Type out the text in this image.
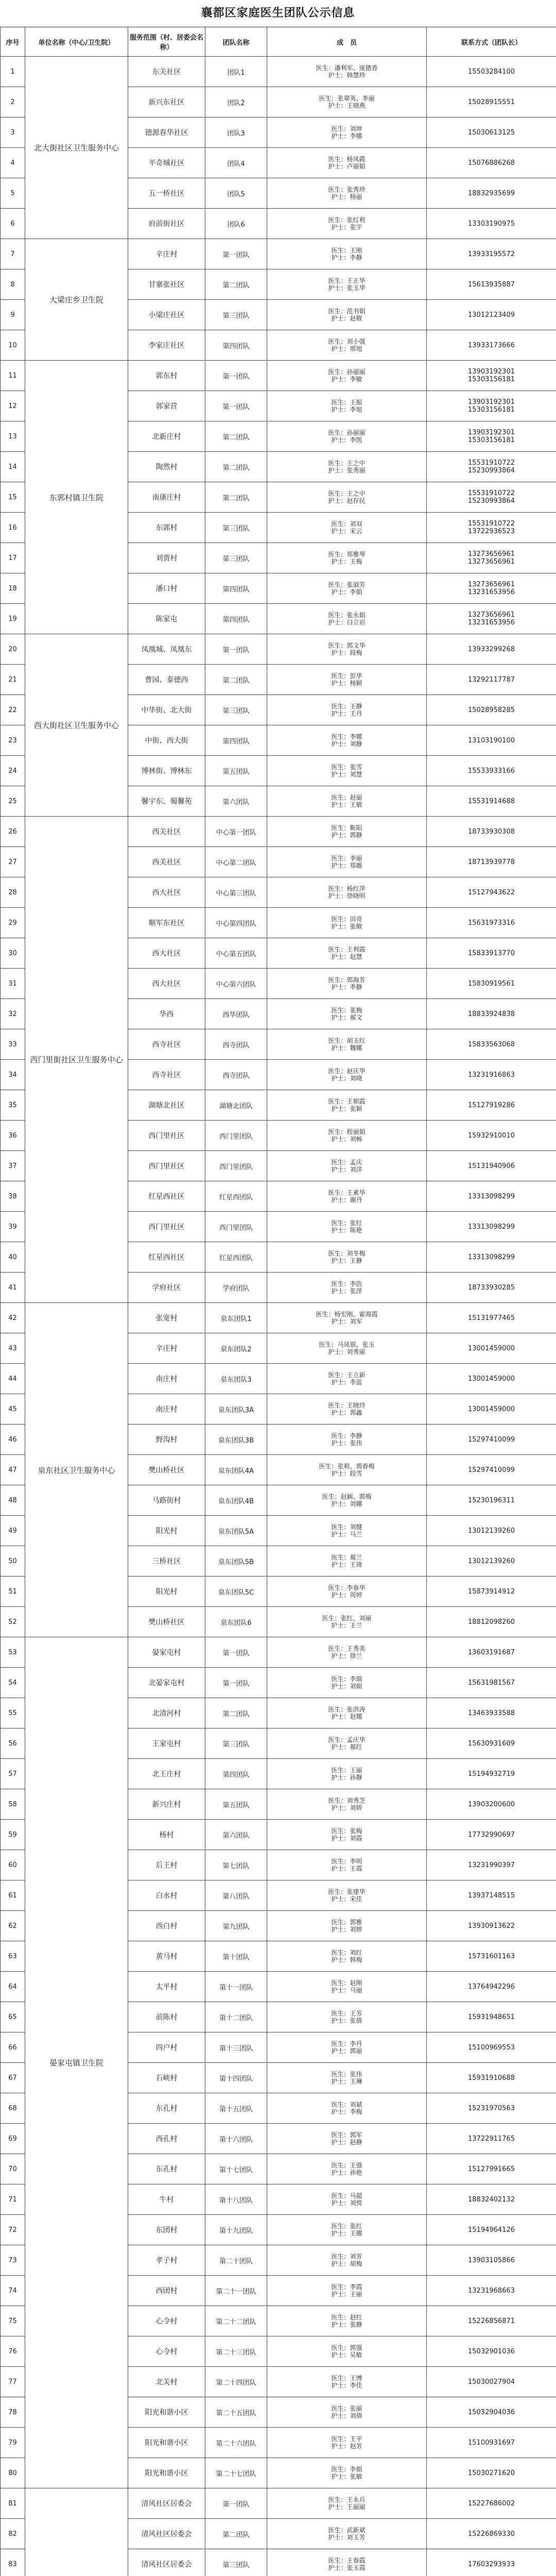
襄都区家庭医生团队公示信息
序号	单位名称（中心/卫生院）	服务范围（村、居委会名称）	团队名称	成　员	联系方式（团队长）
1	北大街社区卫生服务中心	东关社区	团队1	医生：潘利军、庞德香
护士：韩慧珍	15503284100
2		新兴东社区	团队2	医生：张翠英、李丽
护士：王晓燕	15028915551
3		德源春华社区	团队3	医生：刘坤
护士：李娜	15030613125
4		平奇城社区	团队4	医生：杨凤霞
护士：卢丽娟	15076886268
5		五一桥社区	团队5	医生：张秀珍
护士：杨丽	18832935699
6		府前街社区	团队6	医生：张红利
护士：张宇	13303190975
7	大梁庄乡卫生院	辛庄村	第一团队	医生：王刚
护士：李静	13933195572
8		甘寨张社区	第二团队	医生：王正华
护士：张玉华	15613935887
9		小梁庄社区	第三团队	医生：范书娟
护士：赵敬	13012123409
10		李家庄社区	第四团队	医生：刘小强
护士：邢旭	13933173666
11	东郭村镇卫生院	郭东村	第一团队	医生：孙丽丽
护士：李敏	13903192301
15303156181
12		郭家营	第一团队	医生：王振
护士：李旭	13903192301
15303156181
13		北新庄村	第二团队	医生：孙丽丽
护士：李凯	13903192301
15303156181
14		陶然村	第二团队	医生：王之中
护士：张秀丽	15531910722
15230993864
15		南康庄村	第二团队	医生：王之中
护士：赵存民	15531910722
15230993864
16		东郭村	第三团队	医生：刘双
护士：宋云	15531910722
13722936523
17		刘贾村	第三团队	医生：郑雅琴
护士：王梅	13273656961
13273656961
18		潘口村	第四团队	医生：张淑芳
护士：李娟	13273656961
13231653956
19		陈家屯	第四团队	医生：张永娟
护士：白立岩	13273656961
13231653956
20	西大街社区卫生服务中心	凤凰城、凤凰东	第一团队	医生：郭文华
护士：段梅	13933299268
21		曹园、泰德西	第二团队	医生：彭华
护士：杨颖	13292117787
22		中华街、北大街	第三团队	医生：王静
护士：王丹	15028958285
23		中街、西大街	第四团队	医生：李娜
护士：刘静	13103190100
24		博林街、博林东	第五团队	医生：张雪
护士：刘慧	15533933166
25		馨宇东、蜀馨苑	第六团队	医生：赵丽
护士：王敏	15531914688
26	西门里街社区卫生服务中心	西关社区	中心第一团队	医生：靳阳
护士：郭静	18733930308
27		西关社区	中心第二团队	医生：李丽
护士：郑薇	18713939778
28		西大社区	中心第三团队	医生：杨红萍
护士：徐晓明	15127943622
29		顺军东社区	中心第四团队	医生：田亮
护士：张敏	15631973316
30		西大社区	中心第五团队	医生：王利霞
护士：赵慧	15833913770
31		西大社区	中心第六团队	医生：郭海芳
护士：李静	15830919561
32		华西	西华团队	医生：张梅
护士：郝文	18833924838
33		西寺社区	西寺团队	医生：胡玉红
护士：魏娜	15833563068
34		西寺社区	西寺团队	医生：赵庆华
护士：刘晓	13231916863
35		湖塘北社区	湖塘北团队	医生：王朝霞
护士：张颖	15127919286
36		西门里社区	西门里团队	医生：程丽娟
护士：刘畅	15932910010
37		西门里社区	西门里团队	医生：孟庆
护士：刘洋	15131940906
38		红星西社区	红星西团队	医生：王素华
护士：谢丹	13313098299
39		西门里社区	西门里团队	医生：张红
护士：陈艳	13313098299
40		红星西社区	红星西团队	医生：刘冬梅
护士：王静	13313098299
41		学府社区	学府团队	医生：李浩
护士：张萍	18733930285
42	泉东社区卫生服务中心	张宽村	泉东团队1	医生：杨宏刚、霍海霞
护士：刘军	15131977465
43		辛庄村	泉东团队2	医生：马凤银、张玉
护士：刘秀丽	13001459000
44		南庄村	泉东团队3	医生：王立新
护士：李蕊	13001459000
45		南庄村	泉东团队3A	医生：王晓玲
护士：郭鑫	13001459000
46		野沟村	泉东团队3B	医生：李静
护士：张伟	15297410099
47		樊山桥社区	泉东团队4A	医生：张莉、郭春梅
护士：段雪	15297410099
48		马路街村	泉东团队4B	医生：赵颖、郭梅
护士：刘娜	15230196311
49		阳光村	泉东团队5A	医生：刘健
护士：马兰	13012139260
50		三桥社区	泉东团队5B	医生：郝兰
护士：王琦	13012139260
51		阳光村	泉东团队5C	医生：李春华
护士：周婷	15873914912
52		樊山桥社区	泉东团队6	医生：张红、刘丽
护士：王兰	18812098260
53	晏家屯镇卫生院	晏家屯村	第一团队	医生：王秀美
护士：徐兰	13603191687
54		北晏家屯村	第一团队	医生：李瑞
护士：刘娟	15631981567
55		北清河村	第二团队	医生：张洪涛
护士：赵娜	13463933588
56		王家屯村	第三团队	医生：孟庆华
护士：郝红	15630931609
57		北王庄村	第四团队	医生：王丽
护士：孙静	15194932719
58		新兴庄村	第五团队	医生：刘秀芝
护士：刘娇	13903200600
59		杨村	第六团队	医生：张梅
护士：刘霞	17732990697
60		后王村	第七团队	医生：李明
护士：王霞	13231990397
61		白水村	第八团队	医生：张建华
护士：宋佳	13937148515
62		西白村	第九团队	医生：郭雅
护士：刘婷	13930913622
63		黄马村	第十团队	医生：刘红
护士：韩梅	15731601163
64		太平村	第十一团队	医生：赵刚
护士：马丽	13764942296
65		前陈村	第十二团队	医生：王芳
护士：张倩	15931948651
66		四户村	第十三团队	医生：李丹
护士：郭丽	15100969553
67		石峡村	第十四团队	医生：张伟
护士：王琳	15931910688
68		东孔村	第十五团队	医生：刘斌
护士：李梅	15231970563
69		西孔村	第十六团队	医生：郭军
护士：赵静	13722911765
70		东孔村	第十七团队	医生：王强
护士：孙艳	15127991665
71		牛村	第十八团队	医生：马超
护士：刘悦	18832402132
72		东团村	第十九团队	医生：张红
护士：王娜	15194964126
73		孝子村	第二十团队	医生：刘芳
护士：胡梅	13903105866
74		西团村	第二十一团队	医生：李霞
护士：王丽	13231968663
75		心令村	第二十二团队	医生：赵红
护士：张静	15226856871
76		心令村	第二十三团队	医生：郭强
护士：吴敏	15032901036
77		北关村	第二十四团队	医生：王博
护士：李佳	15030027904
78		阳光和谐小区	第二十五团队	医生：张丽
护士：刘倩	15032904036
79		阳光和谐小区	第二十六团队	医生：王平
护士：赵芳	15100931697
80		阳光和谐小区	第二十七团队	医生：李娟
护士：张敏	15030271620
81		清风社区居委会	第一团队	医生：王永兵
护士：王丽丽	15227686002
82		清风社区居委会	第二团队	医生：武新斌
护士：刘玉芳	15226869330
83		清风社区居委会	第三团队	医生：王春霞
护士：张玉霞	17603293933
